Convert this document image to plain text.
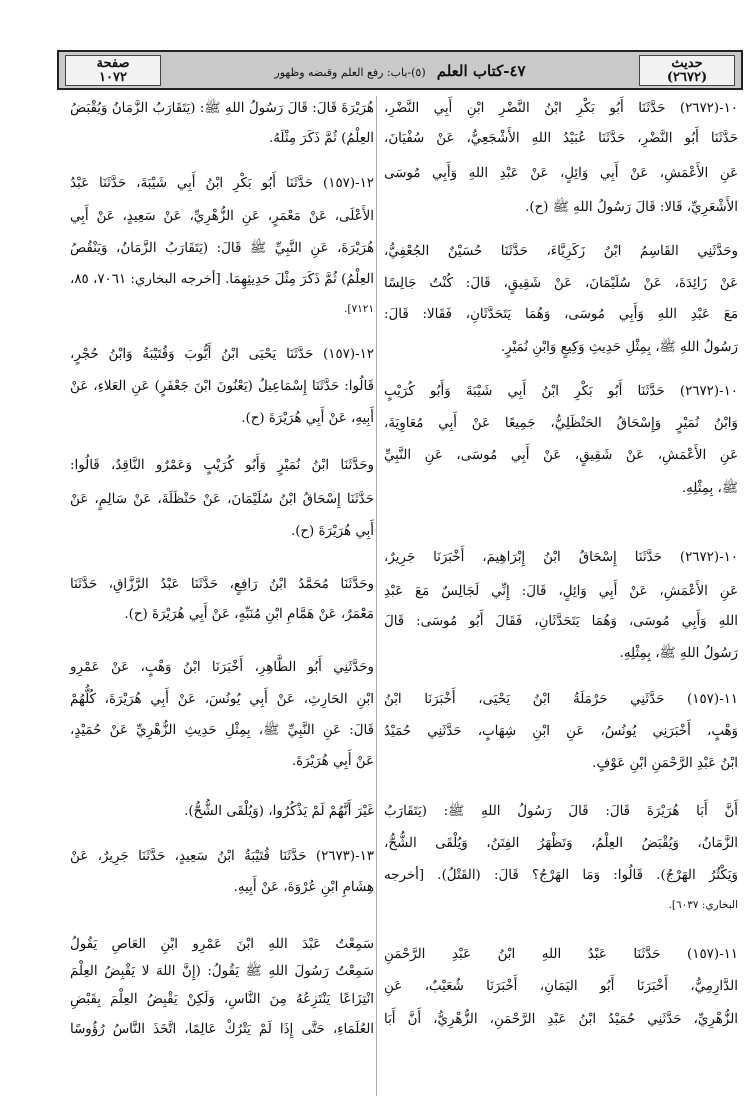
حديث
(٢٦٧٢)
٤٧-كتاب العلم (٥)-باب: رفع العلم وقبضه وظهور
صفحة
١٠٧٢
١٠-(٢٦٧٢) حَدَّثَنَا أَبُو بَكْرِ ابْنُ النَّضْرِ ابْنِ أَبِي النَّضْرِ،
حَدَّثَنَا أَبُو النَّضْرِ، حَدَّثَنَا عُبَيْدُ اللهِ الأَشْجَعِيُّ، عَنْ سُفْيَانَ،
عَنِ الأَعْمَشِ، عَنْ أَبِي وَائِلٍ، عَنْ عَبْدِ اللهِ وَأَبِي مُوسَى
الأَشْعَرِيِّ، قَالا: قَالَ رَسُولُ اللهِ ﷺ (ح).
وحَدَّثَنِي القَاسِمُ ابْنُ زَكَرِيَّاءَ، حَدَّثَنَا حُسَيْنٌ الجُعْفِيُّ،
عَنْ زَائِدَةَ، عَنْ سُلَيْمَانَ، عَنْ شَقِيقٍ، قَالَ: كُنْتُ جَالِسًا
مَعَ عَبْدِ اللهِ وَأَبِي مُوسَى، وَهُمَا يَتَحَدَّثَانِ، فَقَالا: قَالَ:
رَسُولُ اللهِ ﷺ، بِمِثْلِ حَدِيثِ وَكِيعٍ وَابْنِ نُمَيْرٍ.
١٠-(٢٦٧٢) حَدَّثَنَا أَبُو بَكْرِ ابْنُ أَبِي شَيْبَةَ وَأَبُو كُرَيْبٍ
وَابْنُ نُمَيْرٍ وَإِسْحَاقُ الحَنْظَلِيُّ، جَمِيعًا عَنْ أَبِي مُعَاوِيَةَ،
عَنِ الأَعْمَشِ، عَنْ شَقِيقٍ، عَنْ أَبِي مُوسَى، عَنِ النَّبِيِّ
ﷺ، بِمِثْلِهِ.
١٠-(٢٦٧٢) حَدَّثَنَا إِسْحَاقُ ابْنُ إِبْرَاهِيمَ، أَخْبَرَنَا جَرِيرٌ،
عَنِ الأَعْمَشِ، عَنْ أَبِي وَائِلٍ، قَالَ: إِنِّي لَجَالِسٌ مَعَ عَبْدِ
اللهِ وَأَبِي مُوسَى، وَهُمَا يَتَحَدَّثَانِ، فَقَالَ أَبُو مُوسَى: قَالَ
رَسُولُ اللهِ ﷺ، بِمِثْلِهِ.
١١-(١٥٧) حَدَّثَنِي حَرْمَلَةُ ابْنُ يَحْيَى، أَخْبَرَنَا ابْنُ
وَهْبٍ، أَخْبَرَنِي يُونُسُ، عَنِ ابْنِ شِهَابٍ، حَدَّثَنِي حُمَيْدُ
ابْنُ عَبْدِ الرَّحْمَنِ ابْنِ عَوْفٍ.
أَنَّ أَبَا هُرَيْرَةَ قَالَ: قَالَ رَسُولُ اللهِ ﷺ: (يَتَقَارَبُ
الزَّمَانُ، وَيُقْبَضُ العِلْمُ، وَتَظْهَرُ الفِتَنُ، وَيُلْقَى الشُّحُّ،
وَيَكْثُرُ الهَرْجُ). قَالُوا: وَمَا الهَرْجُ؟ قَالَ: (القَتْلُ). [أخرجه
البخاري: ٦٠٣٧].
١١-(١٥٧) حَدَّثَنَا عَبْدُ اللهِ ابْنُ عَبْدِ الرَّحْمَنِ
الدَّارِمِيُّ، أَخْبَرَنَا أَبُو اليَمَانِ، أَخْبَرَنَا شُعَيْبٌ، عَنِ
الزُّهْرِيِّ، حَدَّثَنِي حُمَيْدُ ابْنُ عَبْدِ الرَّحْمَنِ، الزُّهْرِيُّ، أَنَّ أَبَا
هُرَيْرَةَ قَالَ: قَالَ رَسُولُ اللهِ ﷺ: (يَتَقَارَبُ الزَّمَانُ وَيُقْبَضُ
العِلْمُ) ثُمَّ ذَكَرَ مِثْلَهُ.
١٢-(١٥٧) حَدَّثَنَا أَبُو بَكْرِ ابْنُ أَبِي شَيْبَةَ، حَدَّثَنَا عَبْدُ
الأَعْلَى، عَنْ مَعْمَرٍ، عَنِ الزُّهْرِيِّ، عَنْ سَعِيدٍ، عَنْ أَبِي
هُرَيْرَةَ، عَنِ النَّبِيِّ ﷺ قَالَ: (يَتَقَارَبُ الزَّمَانُ، وَيَنْقُصُ
العِلْمُ) ثُمَّ ذَكَرَ مِثْلَ حَدِيثِهِمَا. [أخرجه البخاري: ٧٠٦١، ٨٥،
٧١٢١].
١٢-(١٥٧) حَدَّثَنَا يَحْيَى ابْنُ أَيُّوبَ وَقُتَيْبَةُ وَابْنُ حُجْرٍ،
قَالُوا: حَدَّثَنَا إِسْمَاعِيلُ (يَعْنُونَ ابْنَ جَعْفَرٍ) عَنِ العَلاءِ، عَنْ
أَبِيهِ، عَنْ أَبِي هُرَيْرَةَ (ح).
وحَدَّثَنَا ابْنُ نُمَيْرٍ وَأَبُو كُرَيْبٍ وَعَمْرٌو النَّاقِدُ، قَالُوا:
حَدَّثَنَا إِسْحَاقُ ابْنُ سُلَيْمَانَ، عَنْ حَنْظَلَةَ، عَنْ سَالِمٍ، عَنْ
أَبِي هُرَيْرَةَ (ح).
وحَدَّثَنَا مُحَمَّدُ ابْنُ رَافِعٍ، حَدَّثَنَا عَبْدُ الرَّزَّاقِ، حَدَّثَنَا
مَعْمَرٌ، عَنْ هَمَّامِ ابْنِ مُنَبِّهٍ، عَنْ أَبِي هُرَيْرَةَ (ح).
وحَدَّثَنِي أَبُو الطَّاهِرِ، أَخْبَرَنَا ابْنُ وَهْبٍ، عَنْ عَمْرِو
ابْنِ الحَارِثِ، عَنْ أَبِي يُونُسَ، عَنْ أَبِي هُرَيْرَةَ، كُلُّهُمْ
قَالَ: عَنِ النَّبِيِّ ﷺ، بِمِثْلِ حَدِيثِ الزُّهْرِيِّ عَنْ حُمَيْدٍ،
عَنْ أَبِي هُرَيْرَةَ.
غَيْرَ أَنَّهُمْ لَمْ يَذْكُرُوا، (وَيُلْقَى الشُّحُّ).
١٣-(٢٦٧٣) حَدَّثَنَا قُتَيْبَةُ ابْنُ سَعِيدٍ، حَدَّثَنَا جَرِيرٌ، عَنْ
هِشَامِ ابْنِ عُرْوَةَ، عَنْ أَبِيهِ.
سَمِعْتُ عَبْدَ اللهِ ابْنَ عَمْرِو ابْنِ العَاصِ يَقُولُ
سَمِعْتُ رَسُولَ اللهِ ﷺ يَقُولُ: (إِنَّ اللهَ لا يَقْبِضُ العِلْمَ
انْتِزَاعًا يَنْتَزِعُهُ مِنَ النَّاسِ، وَلَكِنْ يَقْبِضُ العِلْمَ بِقَبْضِ
العُلَمَاءِ، حَتَّى إِذَا لَمْ يَتْرُكْ عَالِمًا، اتَّخَذَ النَّاسُ رُؤُوسًا
